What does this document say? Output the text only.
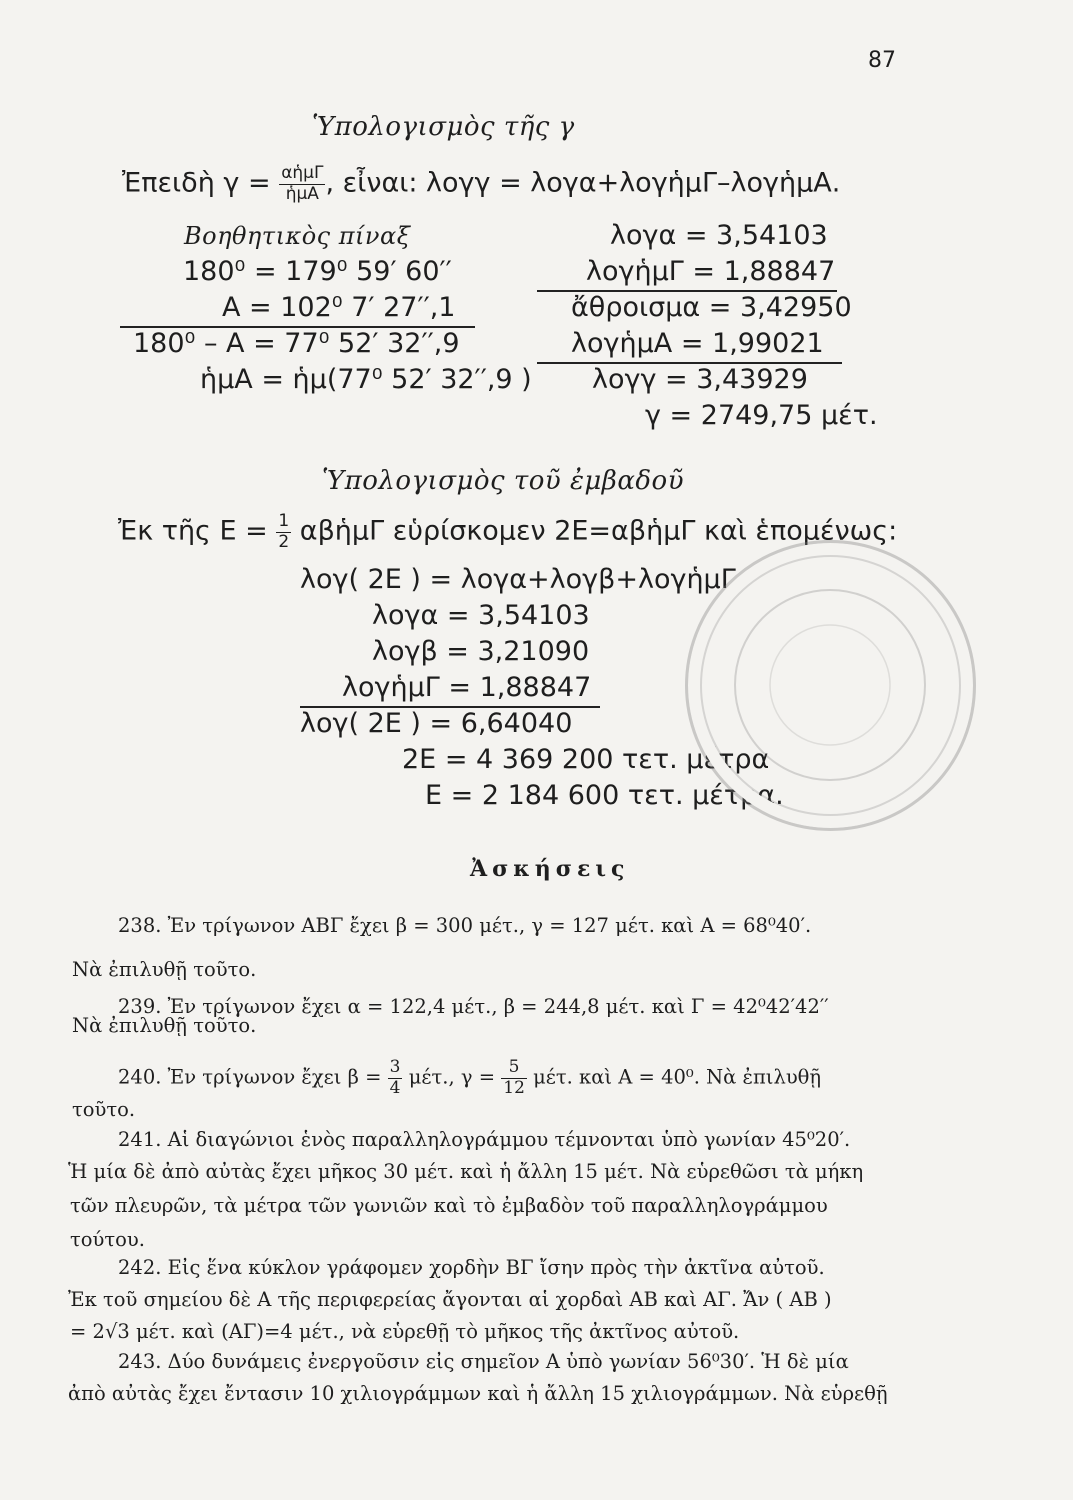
87
Ὑπολογισμὸς τῆς γ
Ἐπειδὴ $\gamma = \frac{\text{αἡμΓ}}{\text{ἡμΑ}}$ , εἶναι: λογγ = λογα+λογἡμΓ–λογἡμΑ.
Βοηθητικὸς πίναξ
180⁰ = 179⁰ 59′ 60′′
Α = 102⁰ 7′ 27′′,1
180⁰ – Α = 77⁰ 52′ 32′′,9
ἡμΑ = ἡμ(77⁰ 52′ 32′′,9 )
λογα = 3,54103
λογἡμΓ = 1,88847
ἄθροισμα = 3,42950
λογἡμΑ = 1,99021
λογγ = 3,43929
γ = 2749,75 μέτ.
Ὑπολογισμὸς τοῦ ἐμβαδοῦ
Ἐκ τῆς $E = \frac{1}{2}$ αβἡμΓ εὑρίσκομεν 2Ε=αβἡμΓ καὶ ἑπομένως:
λογ( 2Ε ) = λογα+λογβ+λογἡμΓ.
λογα = 3,54103
λογβ = 3,21090
λογἡμΓ = 1,88847
λογ( 2Ε ) = 6,64040
2Ε = 4 369 200 τετ. μέτρα
Ε = 2 184 600 τετ. μέτρα.
Ἀσκήσεις
238. Ἐν τρίγωνον ΑΒΓ ἔχει β = 300 μέτ., γ = 127 μέτ. καὶ Α = 68⁰40′.
Νὰ ἐπιλυθῇ τοῦτο.
239. Ἐν τρίγωνον ἔχει α = 122,4 μέτ., β = 244,8 μέτ. καὶ Γ = 42⁰42′42′′
Νὰ ἐπιλυθῇ τοῦτο.
240. Ἐν τρίγωνον ἔχει $\beta = \frac{3}{4} \mu έ\tau$., $\gamma = \frac{5}{12} \mu έ\tau$. καὶ Α = 40⁰. Νὰ ἐπιλυθῇ
τοῦτο.
241. Αἱ διαγώνιοι ἑνὸς παραλληλογράμμου τέμνονται ὑπὸ γωνίαν 45⁰20′.
Ἡ μία δὲ ἀπὸ αὐτὰς ἔχει μῆκος 30 μέτ. καὶ ἡ ἄλλη 15 μέτ. Νὰ εὑρεθῶσι τὰ μήκη
τῶν πλευρῶν, τὰ μέτρα τῶν γωνιῶν καὶ τὸ ἐμβαδὸν τοῦ παραλληλογράμμου
τούτου.
242. Εἰς ἕνα κύκλον γράφομεν χορδὴν ΒΓ ἴσην πρὸς τὴν ἀκτῖνα αὐτοῦ.
Ἐκ τοῦ σημείου δὲ Α τῆς περιφερείας ἄγονται αἱ χορδαὶ ΑΒ καὶ ΑΓ. Ἄν ( ΑΒ )
= 2√3 μέτ. καὶ (ΑΓ)=4 μέτ., νὰ εὑρεθῇ τὸ μῆκος τῆς ἀκτῖνος αὐτοῦ.
243. Δύο δυνάμεις ἐνεργοῦσιν εἰς σημεῖον Α ὑπὸ γωνίαν 56⁰30′. Ἡ δὲ μία
ἀπὸ αὐτὰς ἔχει ἔντασιν 10 χιλιογράμμων καὶ ἡ ἄλλη 15 χιλιογράμμων. Νὰ εὑρεθῇ
